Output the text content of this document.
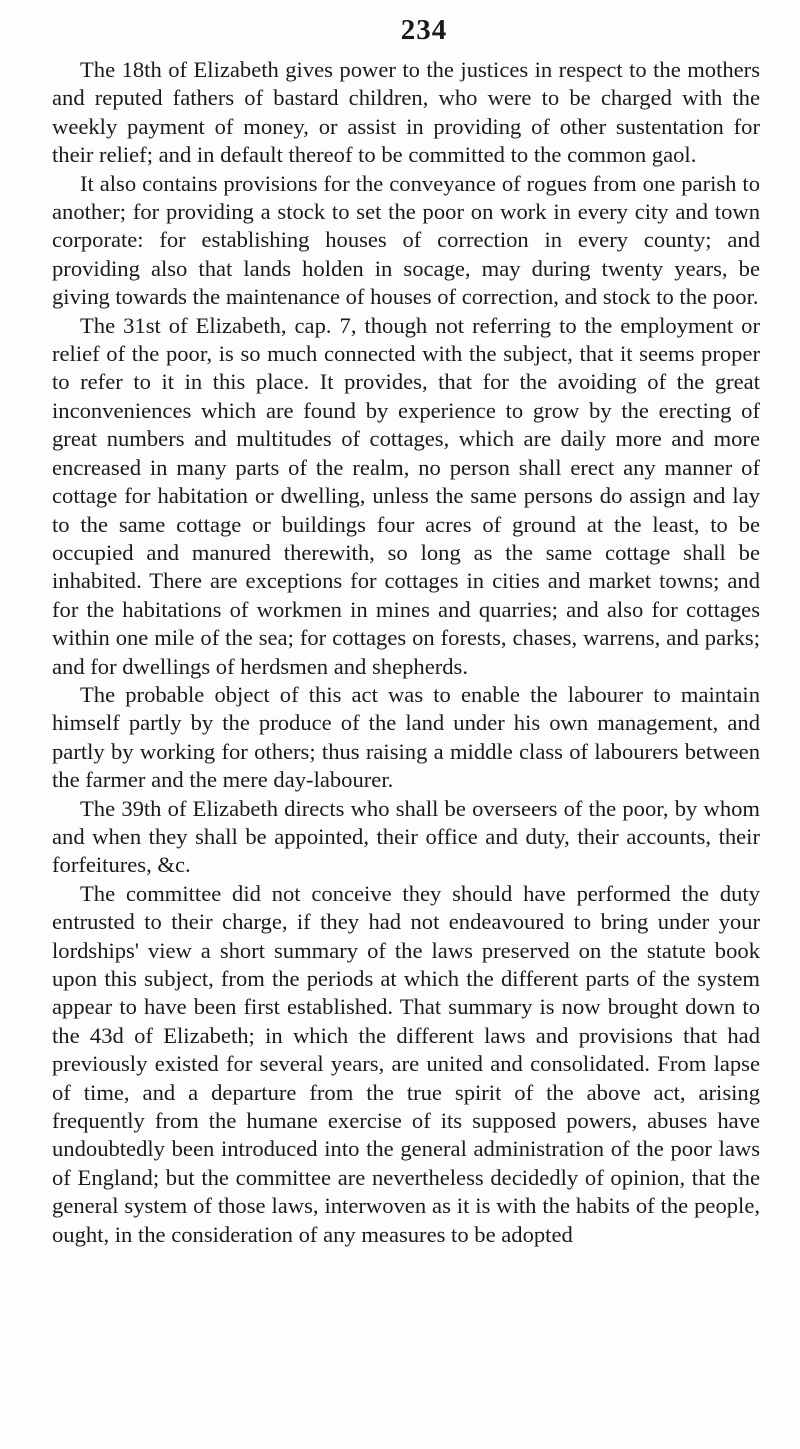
234

The 18th of Elizabeth gives power to the justices in respect to the mothers and reputed fathers of bastard children, who were to be charged with the weekly payment of money, or assist in providing of other sustentation for their relief; and in default thereof to be committed to the common gaol.

It also contains provisions for the conveyance of rogues from one parish to another; for providing a stock to set the poor on work in every city and town corporate: for establishing houses of correction in every county; and providing also that lands holden in socage, may during twenty years, be giving towards the maintenance of houses of correction, and stock to the poor.

The 31st of Elizabeth, cap. 7, though not referring to the employment or relief of the poor, is so much connected with the subject, that it seems proper to refer to it in this place. It provides, that for the avoiding of the great inconveniences which are found by experience to grow by the erecting of great numbers and multitudes of cottages, which are daily more and more encreased in many parts of the realm, no person shall erect any manner of cottage for habitation or dwelling, unless the same persons do assign and lay to the same cottage or buildings four acres of ground at the least, to be occupied and manured therewith, so long as the same cottage shall be inhabited. There are exceptions for cottages in cities and market towns; and for the habitations of workmen in mines and quarries; and also for cottages within one mile of the sea; for cottages on forests, chases, warrens, and parks; and for dwellings of herdsmen and shepherds.

The probable object of this act was to enable the labourer to maintain himself partly by the produce of the land under his own management, and partly by working for others; thus raising a middle class of labourers between the farmer and the mere day-labourer.

The 39th of Elizabeth directs who shall be overseers of the poor, by whom and when they shall be appointed, their office and duty, their accounts, their forfeitures, &c.

The committee did not conceive they should have performed the duty entrusted to their charge, if they had not endeavoured to bring under your lordships' view a short summary of the laws preserved on the statute book upon this subject, from the periods at which the different parts of the system appear to have been first established. That summary is now brought down to the 43d of Elizabeth; in which the different laws and provisions that had previously existed for several years, are united and consolidated. From lapse of time, and a departure from the true spirit of the above act, arising frequently from the humane exercise of its supposed powers, abuses have undoubtedly been introduced into the general administration of the poor laws of England; but the committee are nevertheless decidedly of opinion, that the general system of those laws, interwoven as it is with the habits of the people, ought, in the consideration of any measures to be adopted
